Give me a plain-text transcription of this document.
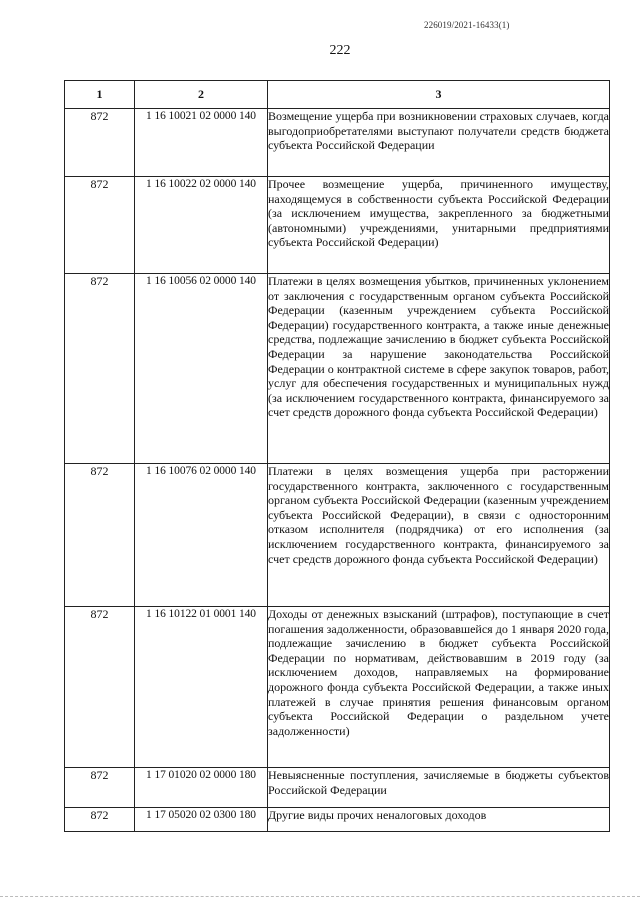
226019/2021-16433(1)
222
1	2	3
872	1 16 10021 02 0000 140	Возмещение ущерба при возникновении страховых случаев, когда выгодоприобретателями выступают получатели средств бюджета субъекта Российской Федерации
872	1 16 10022 02 0000 140	Прочее возмещение ущерба, причиненного имуществу, находящемуся в собственности субъекта Российской Федерации (за исключением имущества, закрепленного за бюджетными (автономными) учреждениями, унитарными предприятиями субъекта Российской Федерации)
872	1 16 10056 02 0000 140	Платежи в целях возмещения убытков, причиненных уклонением от заключения с государственным органом субъекта Российской Федерации (казенным учреждением субъекта Российской Федерации) государственного контракта, а также иные денежные средства, подлежащие зачислению в бюджет субъекта Российской Федерации за нарушение законодательства Российской Федерации о контрактной системе в сфере закупок товаров, работ, услуг для обеспечения государственных и муниципальных нужд (за исключением государственного контракта, финансируемого за счет средств дорожного фонда субъекта Российской Федерации)
872	1 16 10076 02 0000 140	Платежи в целях возмещения ущерба при расторжении государственного контракта, заключенного с государственным органом субъекта Российской Федерации (казенным учреждением субъекта Российской Федерации), в связи с односторонним отказом исполнителя (подрядчика) от его исполнения (за исключением государственного контракта, финансируемого за счет средств дорожного фонда субъекта Российской Федерации)
872	1 16 10122 01 0001 140	Доходы от денежных взысканий (штрафов), поступающие в счет погашения задолженности, образовавшейся до 1 января 2020 года, подлежащие зачислению в бюджет субъекта Российской Федерации по нормативам, действовавшим в 2019 году (за исключением доходов, направляемых на формирование дорожного фонда субъекта Российской Федерации, а также иных платежей в случае принятия решения финансовым органом субъекта Российской Федерации о раздельном учете задолженности)
872	1 17 01020 02 0000 180	Невыясненные поступления, зачисляемые в бюджеты субъектов Российской Федерации
872	1 17 05020 02 0300 180	Другие виды прочих неналоговых доходов
